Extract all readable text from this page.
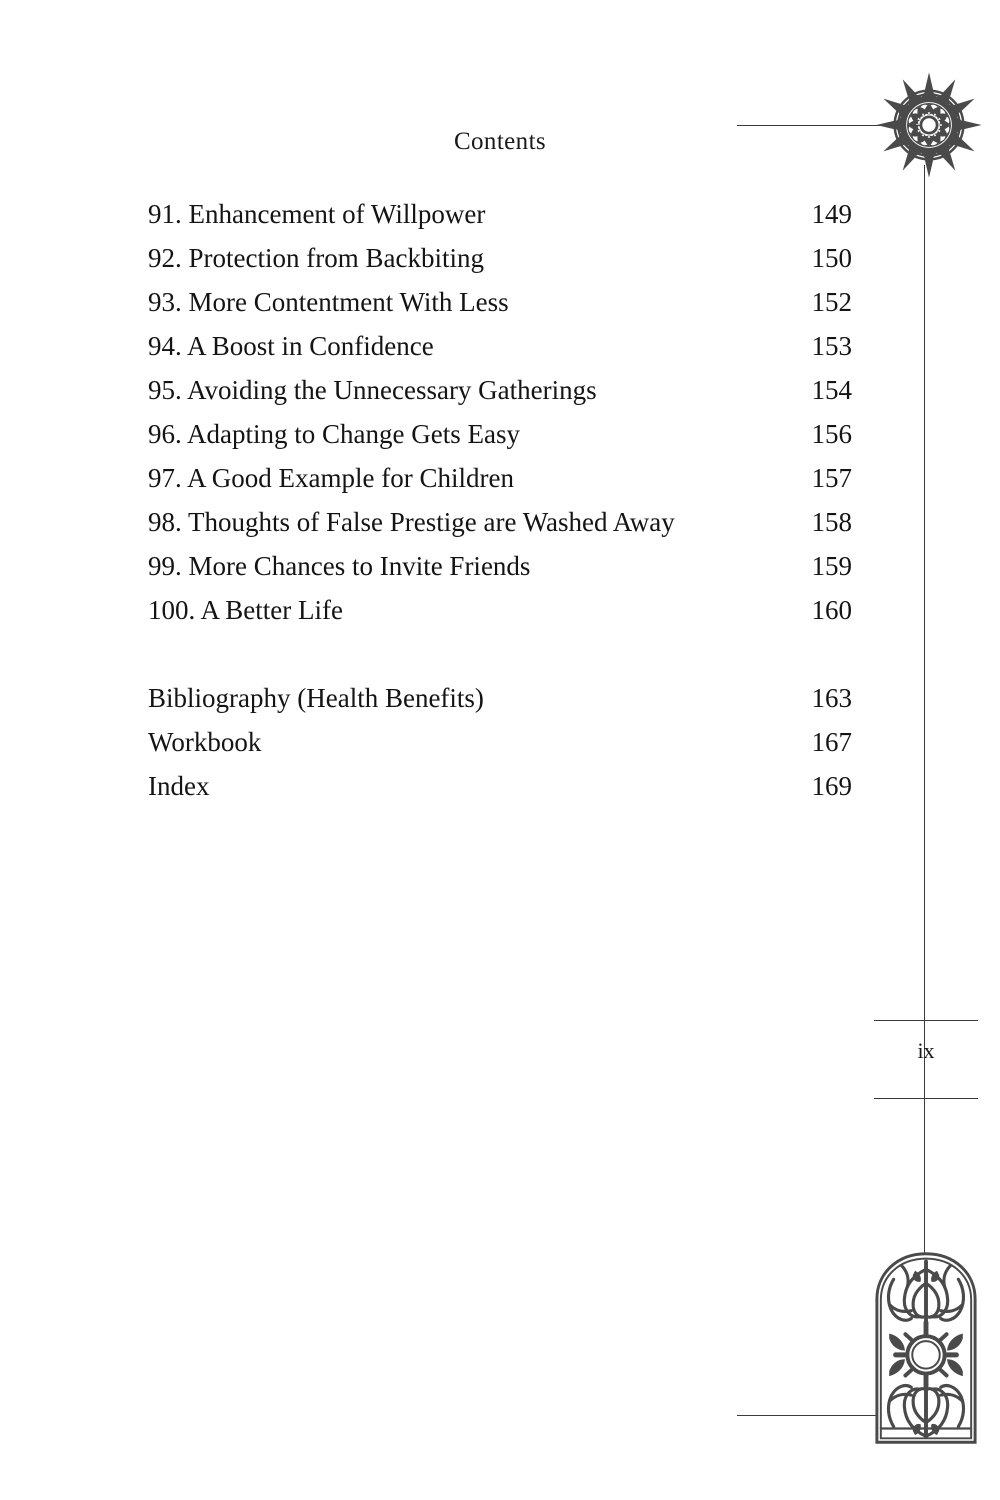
Contents
91. Enhancement of Willpower	149
92. Protection from Backbiting	150
93. More Contentment With Less	152
94. A Boost in Confidence	153
95. Avoiding the Unnecessary Gatherings	154
96. Adapting to Change Gets Easy	156
97. A Good Example for Children	157
98. Thoughts of False Prestige are Washed Away	158
99. More Chances to Invite Friends	159
100. A Better Life	160
Bibliography (Health Benefits)	163
Workbook	167
Index	169
ix
